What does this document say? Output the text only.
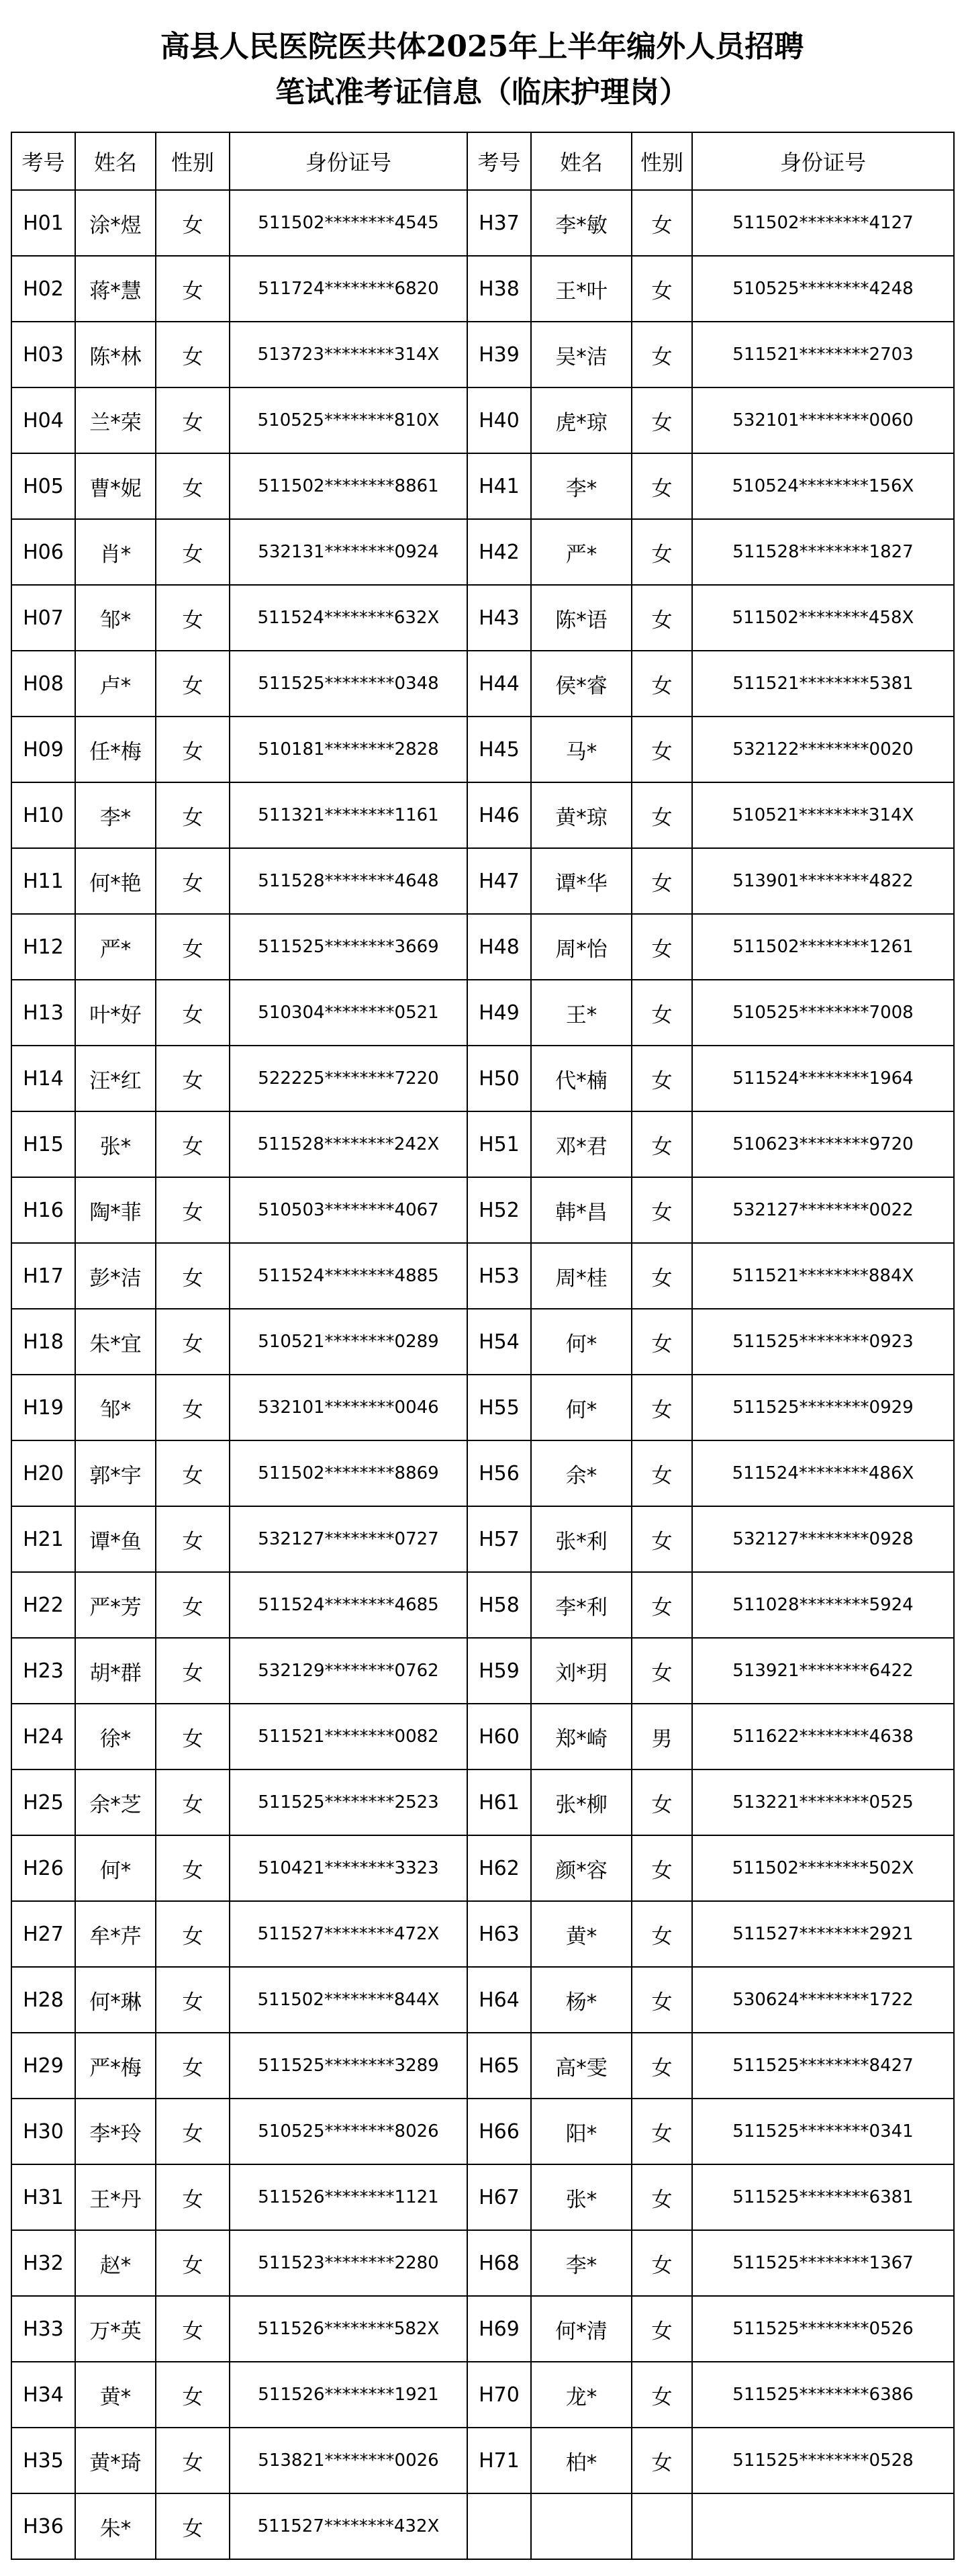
高县人民医院医共体2025年上半年编外人员招聘
笔试准考证信息（临床护理岗）
考号	姓名	性别	身份证号	考号	姓名	性别	身份证号
H01	涂*煜	女	511502********4545	H37	李*敏	女	511502********4127
H02	蒋*慧	女	511724********6820	H38	王*叶	女	510525********4248
H03	陈*林	女	513723********314X	H39	吴*洁	女	511521********2703
H04	兰*荣	女	510525********810X	H40	虎*琼	女	532101********0060
H05	曹*妮	女	511502********8861	H41	李*	女	510524********156X
H06	肖*	女	532131********0924	H42	严*	女	511528********1827
H07	邹*	女	511524********632X	H43	陈*语	女	511502********458X
H08	卢*	女	511525********0348	H44	侯*睿	女	511521********5381
H09	任*梅	女	510181********2828	H45	马*	女	532122********0020
H10	李*	女	511321********1161	H46	黄*琼	女	510521********314X
H11	何*艳	女	511528********4648	H47	谭*华	女	513901********4822
H12	严*	女	511525********3669	H48	周*怡	女	511502********1261
H13	叶*好	女	510304********0521	H49	王*	女	510525********7008
H14	汪*红	女	522225********7220	H50	代*楠	女	511524********1964
H15	张*	女	511528********242X	H51	邓*君	女	510623********9720
H16	陶*菲	女	510503********4067	H52	韩*昌	女	532127********0022
H17	彭*洁	女	511524********4885	H53	周*桂	女	511521********884X
H18	朱*宜	女	510521********0289	H54	何*	女	511525********0923
H19	邹*	女	532101********0046	H55	何*	女	511525********0929
H20	郭*宇	女	511502********8869	H56	余*	女	511524********486X
H21	谭*鱼	女	532127********0727	H57	张*利	女	532127********0928
H22	严*芳	女	511524********4685	H58	李*利	女	511028********5924
H23	胡*群	女	532129********0762	H59	刘*玥	女	513921********6422
H24	徐*	女	511521********0082	H60	郑*崎	男	511622********4638
H25	余*芝	女	511525********2523	H61	张*柳	女	513221********0525
H26	何*	女	510421********3323	H62	颜*容	女	511502********502X
H27	牟*芹	女	511527********472X	H63	黄*	女	511527********2921
H28	何*琳	女	511502********844X	H64	杨*	女	530624********1722
H29	严*梅	女	511525********3289	H65	高*雯	女	511525********8427
H30	李*玲	女	510525********8026	H66	阳*	女	511525********0341
H31	王*丹	女	511526********1121	H67	张*	女	511525********6381
H32	赵*	女	511523********2280	H68	李*	女	511525********1367
H33	万*英	女	511526********582X	H69	何*清	女	511525********0526
H34	黄*	女	511526********1921	H70	龙*	女	511525********6386
H35	黄*琦	女	513821********0026	H71	柏*	女	511525********0528
H36	朱*	女	511527********432X				
